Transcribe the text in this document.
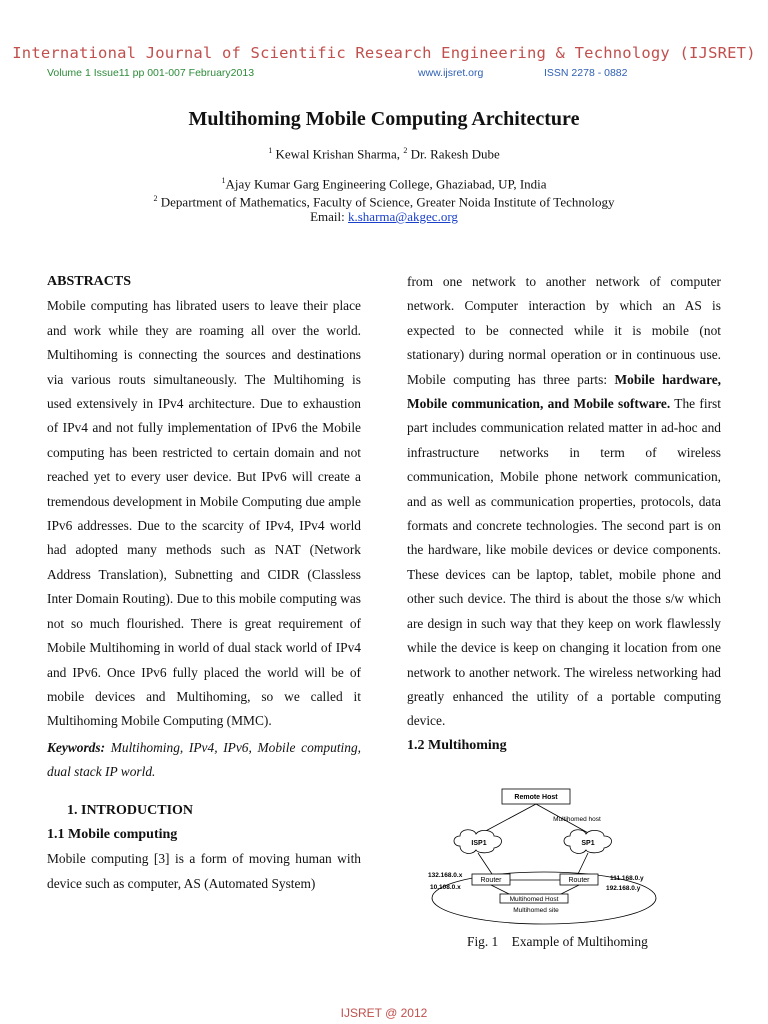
International Journal of Scientific Research Engineering & Technology (IJSRET)
Volume 1 Issue11 pp 001-007 February2013	www.ijsret.org	ISSN 2278 - 0882
Multihoming Mobile Computing Architecture
$^1$ Kewal Krishan Sharma, $^2$ Dr. Rakesh Dube
$^1$Ajay Kumar Garg Engineering College, Ghaziabad, UP, India
$^2$ Department of Mathematics, Faculty of Science, Greater Noida Institute of Technology
Email: k.sharma@akgec.org

ABSTRACTS

Mobile computing has librated users to leave their place and work while they are roaming all over the world. Multihoming is connecting the sources and destinations via various routs simultaneously. The Multihoming is used extensively in IPv4 architecture. Due to exhaustion of IPv4 and not fully implementation of IPv6 the Mobile computing has been restricted to certain domain and not reached yet to every user device. But IPv6 will create a tremendous development in Mobile Computing due ample IPv6 addresses. Due to the scarcity of IPv4, IPv4 world had adopted many methods such as NAT (Network Address Translation), Subnetting and CIDR (Classless Inter Domain Routing). Due to this mobile computing was not so much flourished. There is great requirement of Mobile Multihoming in world of dual stack world of IPv4 and IPv6. Once IPv6 fully placed the world will be of mobile devices and Multihoming, so we called it Multihoming Mobile Computing (MMC).

Keywords: Multihoming, IPv4, IPv6, Mobile computing, dual stack IP world.

1. INTRODUCTION

1.1 Mobile computing

Mobile computing [3] is a form of moving human with device such as computer, AS (Automated System)

from one network to another network of computer network. Computer interaction by which an AS is expected to be connected while it is mobile (not stationary) during normal operation or in continuous use. Mobile computing has three parts: Mobile hardware, Mobile communication, and Mobile software. The first part includes communication related matter in ad-hoc and infrastructure networks in term of wireless communication, Mobile phone network communication, and as well as communication properties, protocols, data formats and concrete technologies. The second part is on the hardware, like mobile devices or device components. These devices can be laptop, tablet, mobile phone and other such device. The third is about the those s/w which are design in such way that they keep on work flawlessly while the device is keep on changing it location from one network to another network. The wireless networking had greatly enhanced the utility of a portable computing device.

1.2 Multihoming

Remote Host
Multihomed host
ISP1	SP1
Router	Router
132.168.0.x
10.108.0.x
111.168.0.y
192.168.0.y
Multihomed Host
Multihomed site
Fig. 1 Example of Multihoming
IJSRET @ 2012
